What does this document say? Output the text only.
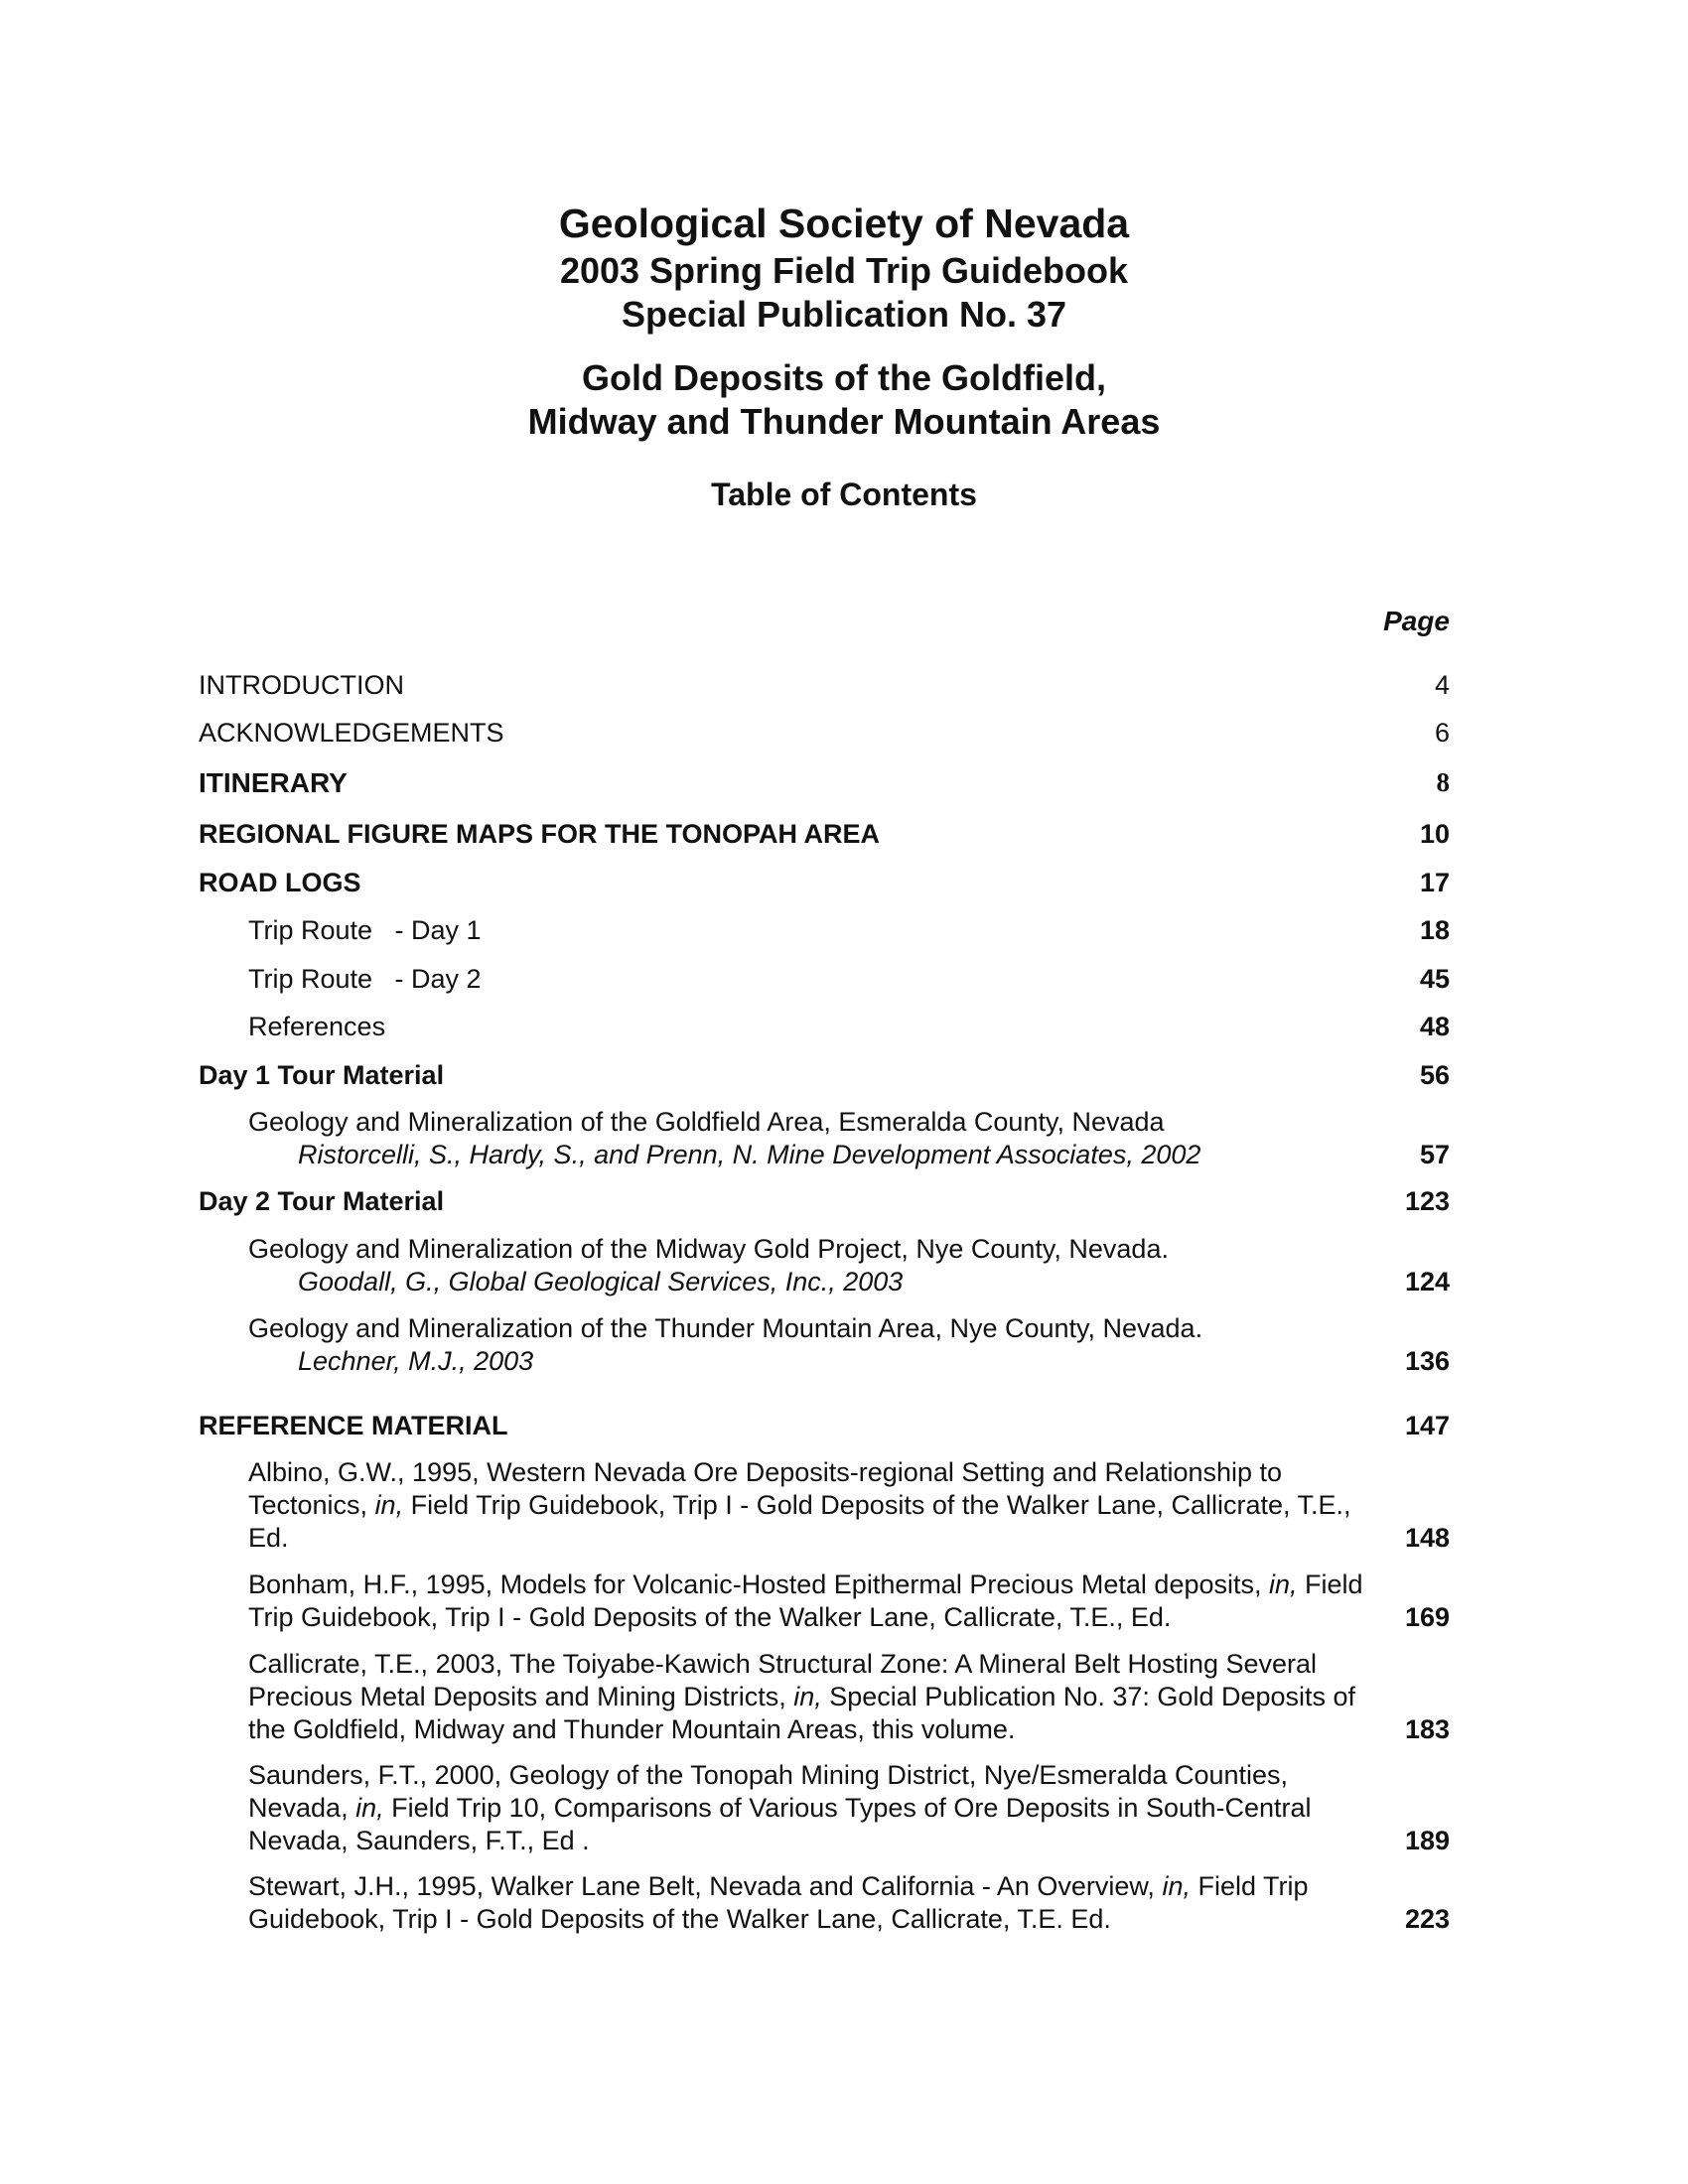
Geological Society of Nevada
2003 Spring Field Trip Guidebook
Special Publication No. 37
Gold Deposits of the Goldfield,
Midway and Thunder Mountain Areas
Table of Contents
Page
INTRODUCTION	4
ACKNOWLEDGEMENTS	6
ITINERARY	8
REGIONAL FIGURE MAPS FOR THE TONOPAH AREA	10
ROAD LOGS	17
Trip Route   - Day 1	18
Trip Route   - Day 2	45
References	48
Day 1 Tour Material	56
Geology and Mineralization of the Goldfield Area, Esmeralda County, Nevada
Ristorcelli, S., Hardy, S., and Prenn, N. Mine Development Associates, 2002	57
Day 2 Tour Material	123
Geology and Mineralization of the Midway Gold Project, Nye County, Nevada.
Goodall, G., Global Geological Services, Inc., 2003	124
Geology and Mineralization of the Thunder Mountain Area, Nye County, Nevada.
Lechner, M.J., 2003	136
REFERENCE MATERIAL	147
Albino, G.W., 1995, Western Nevada Ore Deposits-regional Setting and Relationship to Tectonics, in, Field Trip Guidebook, Trip I - Gold Deposits of the Walker Lane, Callicrate, T.E., Ed.	148
Bonham, H.F., 1995, Models for Volcanic-Hosted Epithermal Precious Metal deposits, in, Field Trip Guidebook, Trip I - Gold Deposits of the Walker Lane, Callicrate, T.E., Ed.	169
Callicrate, T.E., 2003, The Toiyabe-Kawich Structural Zone: A Mineral Belt Hosting Several Precious Metal Deposits and Mining Districts, in, Special Publication No. 37: Gold Deposits of the Goldfield, Midway and Thunder Mountain Areas, this volume.	183
Saunders, F.T., 2000, Geology of the Tonopah Mining District, Nye/Esmeralda Counties, Nevada, in, Field Trip 10, Comparisons of Various Types of Ore Deposits in South-Central Nevada, Saunders, F.T., Ed .	189
Stewart, J.H., 1995, Walker Lane Belt, Nevada and California - An Overview, in, Field Trip Guidebook, Trip I - Gold Deposits of the Walker Lane, Callicrate, T.E. Ed.	223
